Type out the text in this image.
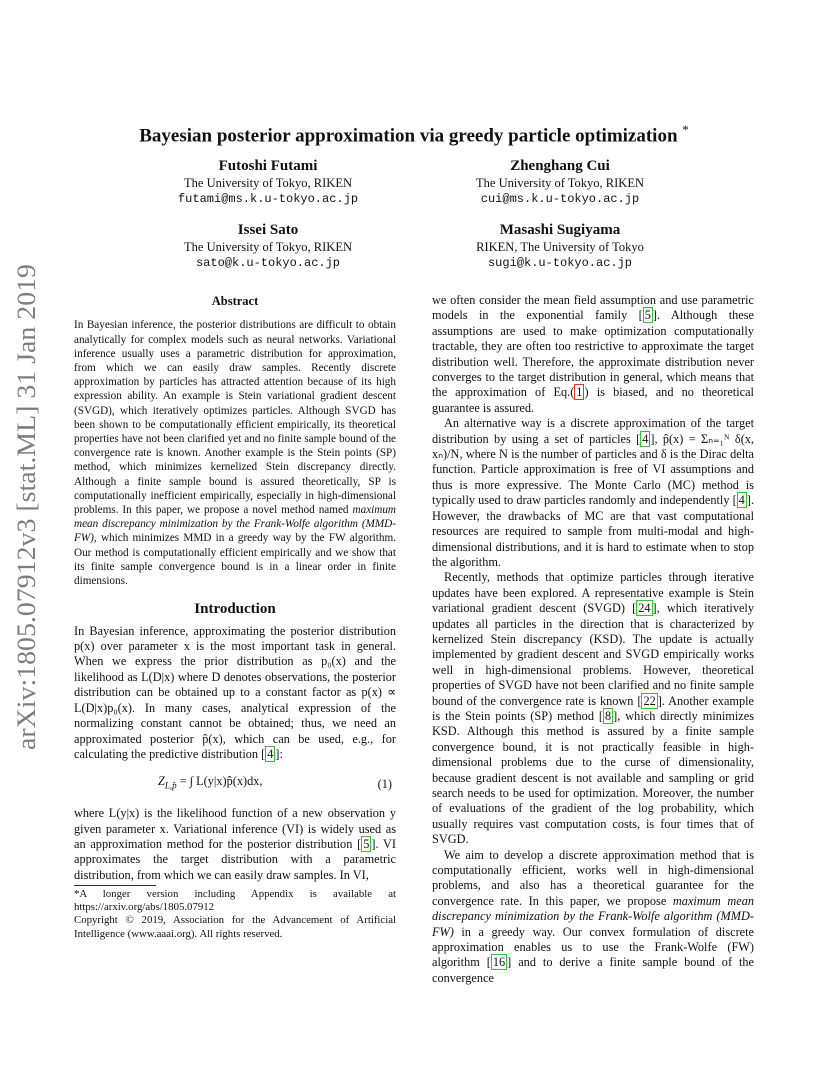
arXiv:1805.07912v3 [stat.ML] 31 Jan 2019
Bayesian posterior approximation via greedy particle optimization *
Futoshi Futami
The University of Tokyo, RIKEN
futami@ms.k.u-tokyo.ac.jp
Zhenghang Cui
The University of Tokyo, RIKEN
cui@ms.k.u-tokyo.ac.jp
Issei Sato
The University of Tokyo, RIKEN
sato@k.u-tokyo.ac.jp
Masashi Sugiyama
RIKEN, The University of Tokyo
sugi@k.u-tokyo.ac.jp
Abstract

In Bayesian inference, the posterior distributions are difficult to obtain analytically for complex models such as neural networks. Variational inference usually uses a parametric distribution for approximation, from which we can easily draw samples. Recently discrete approximation by particles has attracted attention because of its high expression ability. An example is Stein variational gradient descent (SVGD), which iteratively optimizes particles. Although SVGD has been shown to be computationally efficient empirically, its theoretical properties have not been clarified yet and no finite sample bound of the convergence rate is known. Another example is the Stein points (SP) method, which minimizes kernelized Stein discrepancy directly. Although a finite sample bound is assured theoretically, SP is computationally inefficient empirically, especially in high-dimensional problems. In this paper, we propose a novel method named maximum mean discrepancy minimization by the Frank-Wolfe algorithm (MMD-FW), which minimizes MMD in a greedy way by the FW algorithm. Our method is computationally efficient empirically and we show that its finite sample convergence bound is in a linear order in finite dimensions.

Introduction

In Bayesian inference, approximating the posterior distribution p(x) over parameter x is the most important task in general. When we express the prior distribution as p₀(x) and the likelihood as L(D|x) where D denotes observations, the posterior distribution can be obtained up to a constant factor as p(x) ∝ L(D|x)p₀(x). In many cases, analytical expression of the normalizing constant cannot be obtained; thus, we need an approximated posterior p̂(x), which can be used, e.g., for calculating the predictive distribution [ 4 ]:

$Z_{L,p̂}$ = ∫ L(y|x)p̂(x)dx,	(1)

where L(y|x) is the likelihood function of a new observation y given parameter x. Variational inference (VI) is widely used as an approximation method for the posterior distribution [ 5 ]. VI approximates the target distribution with a parametric distribution, from which we can easily draw samples. In VI,

*A longer version including Appendix is available at https://arxiv.org/abs/1805.07912
Copyright © 2019, Association for the Advancement of Artificial Intelligence (www.aaai.org). All rights reserved.

we often consider the mean field assumption and use parametric models in the exponential family [ 5 ]. Although these assumptions are used to make optimization computationally tractable, they are often too restrictive to approximate the target distribution well. Therefore, the approximate distribution never converges to the target distribution in general, which means that the approximation of Eq.( 1 ) is biased, and no theoretical guarantee is assured.

An alternative way is a discrete approximation of the target distribution by using a set of particles [ 4 ], p̂(x) = Σₙ₌₁ᴺ δ(x, xₙ)/N, where N is the number of particles and δ is the Dirac delta function. Particle approximation is free of VI assumptions and thus is more expressive. The Monte Carlo (MC) method is typically used to draw particles randomly and independently [ 4 ]. However, the drawbacks of MC are that vast computational resources are required to sample from multi-modal and high-dimensional distributions, and it is hard to estimate when to stop the algorithm.

Recently, methods that optimize particles through iterative updates have been explored. A representative example is Stein variational gradient descent (SVGD) [ 24 ], which iteratively updates all particles in the direction that is characterized by kernelized Stein discrepancy (KSD). The update is actually implemented by gradient descent and SVGD empirically works well in high-dimensional problems. However, theoretical properties of SVGD have not been clarified and no finite sample bound of the convergence rate is known [ 22 ]. Another example is the Stein points (SP) method [ 8 ], which directly minimizes KSD. Although this method is assured by a finite sample convergence bound, it is not practically feasible in high-dimensional problems due to the curse of dimensionality, because gradient descent is not available and sampling or grid search needs to be used for optimization. Moreover, the number of evaluations of the gradient of the log probability, which usually requires vast computation costs, is four times that of SVGD.

We aim to develop a discrete approximation method that is computationally efficient, works well in high-dimensional problems, and also has a theoretical guarantee for the convergence rate. In this paper, we propose maximum mean discrepancy minimization by the Frank-Wolfe algorithm (MMD-FW) in a greedy way. Our convex formulation of discrete approximation enables us to use the Frank-Wolfe (FW) algorithm [ 16 ] and to derive a finite sample bound of the convergence
